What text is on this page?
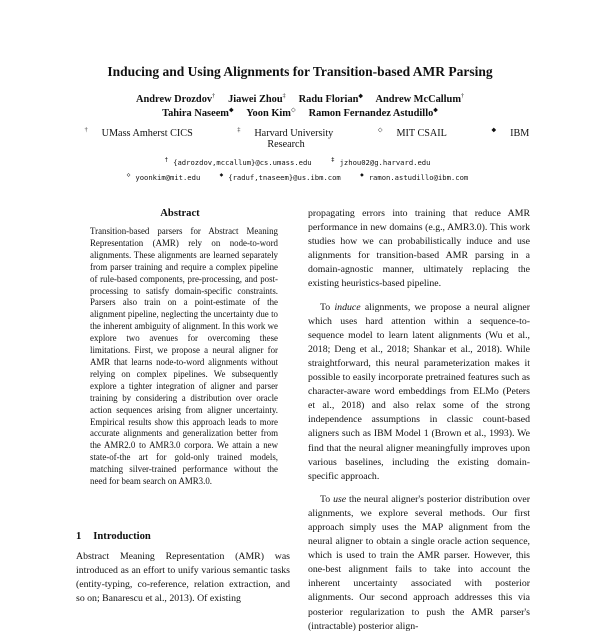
Inducing and Using Alignments for Transition-based AMR Parsing
Andrew Drozdov† Jiawei Zhou‡ Radu Florian◆ Andrew McCallum†
Tahira Naseem◆ Yoon Kim◇ Ramon Fernandez Astudillo◆
† UMass Amherst CICS	‡ Harvard University	◇ MIT CSAIL	◆ IBM Research
† {adrozdov,mccallum}@cs.umass.edu	‡ jzhou02@g.harvard.edu
◇ yoonkim@mit.edu	◆ {raduf,tnaseem}@us.ibm.com	◆ ramon.astudillo@ibm.com
Abstract

Transition-based parsers for Abstract Meaning Representation (AMR) rely on node-to-word alignments. These alignments are learned separately from parser training and require a complex pipeline of rule-based components, pre-processing, and post-processing to satisfy domain-specific constraints. Parsers also train on a point-estimate of the alignment pipeline, neglecting the uncertainty due to the inherent ambiguity of alignment. In this work we explore two avenues for overcoming these limitations. First, we propose a neural aligner for AMR that learns node-to-word alignments without relying on complex pipelines. We subsequently explore a tighter integration of aligner and parser training by considering a distribution over oracle action sequences arising from aligner uncertainty. Empirical results show this approach leads to more accurate alignments and generalization better from the AMR2.0 to AMR3.0 corpora. We attain a new state-of-the art for gold-only trained models, matching silver-trained performance without the need for beam search on AMR3.0.

1 Introduction

Abstract Meaning Representation (AMR) was introduced as an effort to unify various semantic tasks (entity-typing, co-reference, relation extraction, and so on; Banarescu et al., 2013). Of existing

propagating errors into training that reduce AMR performance in new domains (e.g., AMR3.0). This work studies how we can probabilistically induce and use alignments for transition-based AMR parsing in a domain-agnostic manner, ultimately replacing the existing heuristics-based pipeline.

To induce alignments, we propose a neural aligner which uses hard attention within a sequence-to-sequence model to learn latent alignments (Wu et al., 2018; Deng et al., 2018; Shankar et al., 2018). While straightforward, this neural parameterization makes it possible to easily incorporate pretrained features such as character-aware word embeddings from ELMo (Peters et al., 2018) and also relax some of the strong independence assumptions in classic count-based aligners such as IBM Model 1 (Brown et al., 1993). We find that the neural aligner meaningfully improves upon various baselines, including the existing domain-specific approach.

To use the neural aligner's posterior distribution over alignments, we explore several methods. Our first approach simply uses the MAP alignment from the neural aligner to obtain a single oracle action sequence, which is used to train the AMR parser. However, this one-best alignment fails to take into account the inherent uncertainty associated with posterior alignments. Our second approach addresses this via posterior regularization to push the AMR parser's (intractable) posterior align-
